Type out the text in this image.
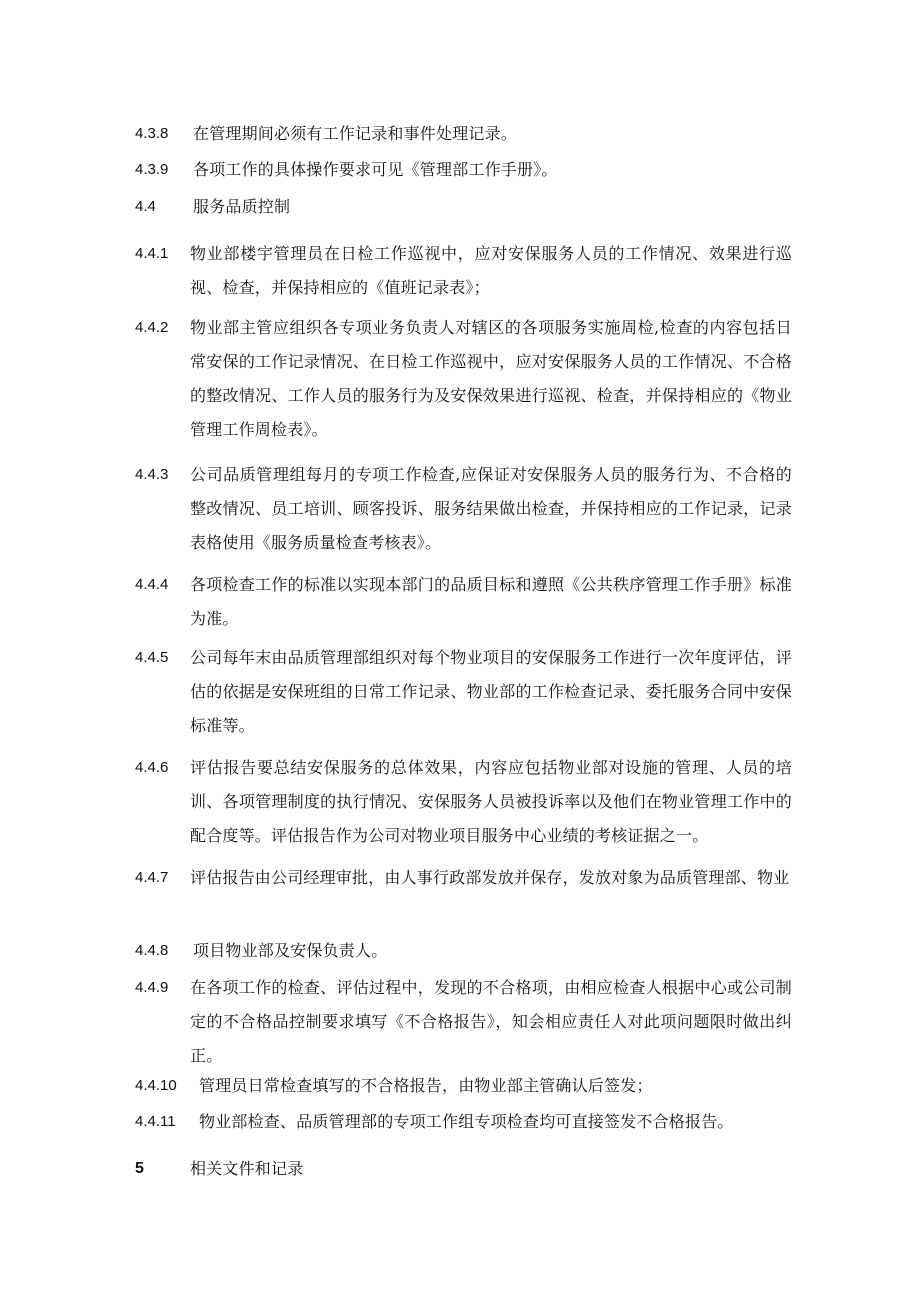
4.3.8 在管理期间必须有工作记录和事件处理记录。
4.3.9 各项工作的具体操作要求可见《管理部工作手册》。
4.4 服务品质控制
4.4.1 物业部楼宇管理员在日检工作巡视中，应对安保服务人员的工作情况、效果进行巡视、检查，并保持相应的《值班记录表》；
4.4.2 物业部主管应组织各专项业务负责人对辖区的各项服务实施周检,检查的内容包括日常安保的工作记录情况、在日检工作巡视中，应对安保服务人员的工作情况、不合格的整改情况、工作人员的服务行为及安保效果进行巡视、检查，并保持相应的《物业管理工作周检表》。
4.4.3 公司品质管理组每月的专项工作检查,应保证对安保服务人员的服务行为、不合格的整改情况、员工培训、顾客投诉、服务结果做出检查，并保持相应的工作记录，记录表格使用《服务质量检查考核表》。
4.4.4 各项检查工作的标准以实现本部门的品质目标和遵照《公共秩序管理工作手册》标准为准。
4.4.5 公司每年末由品质管理部组织对每个物业项目的安保服务工作进行一次年度评估，评估的依据是安保班组的日常工作记录、物业部的工作检查记录、委托服务合同中安保标准等。
4.4.6 评估报告要总结安保服务的总体效果，内容应包括物业部对设施的管理、人员的培训、各项管理制度的执行情况、安保服务人员被投诉率以及他们在物业管理工作中的配合度等。评估报告作为公司对物业项目服务中心业绩的考核证据之一。
4.4.7 评估报告由公司经理审批，由人事行政部发放并保存，发放对象为品质管理部、物业
4.4.8 项目物业部及安保负责人。
4.4.9 在各项工作的检查、评估过程中，发现的不合格项，由相应检查人根据中心或公司制定的不合格品控制要求填写《不合格报告》，知会相应责任人对此项问题限时做出纠正。
4.4.10 管理员日常检查填写的不合格报告，由物业部主管确认后签发；
4.4.11 物业部检查、品质管理部的专项工作组专项检查均可直接签发不合格报告。
5	相关文件和记录
